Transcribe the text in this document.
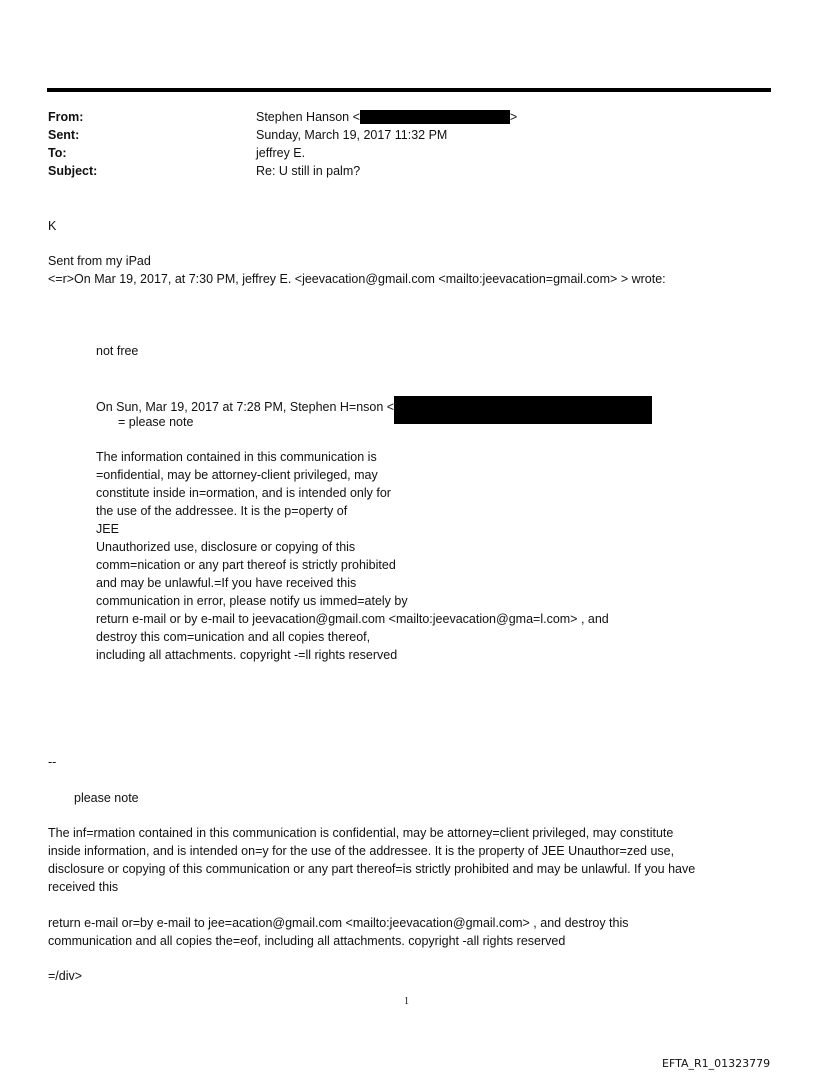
From:	Stephen Hanson <	>
Sent:	Sunday, March 19, 2017 11:32 PM
To:	jeffrey E.
Subject:	Re: U still in palm?
K
Sent from my iPad
<=r>On Mar 19, 2017, at 7:30 PM, jeffrey E. <jeevacation@gmail.com <mailto:jeevacation=gmail.com> > wrote:
not free
On Sun, Mar 19, 2017 at 7:28 PM, Stephen H=nson <
= please note
The information contained in this communication is
=onfidential, may be attorney-client privileged, may
constitute inside in=ormation, and is intended only for
the use of the addressee. It is the p=operty of
JEE
Unauthorized use, disclosure or copying of this
comm=nication or any part thereof is strictly prohibited
and may be unlawful.=If you have received this
communication in error, please notify us immed=ately by
return e-mail or by e-mail to jeevacation@gmail.com <mailto:jeevacation@gma=l.com> , and
destroy this com=unication and all copies thereof,
including all attachments. copyright -=ll rights reserved
--
please note
The inf=rmation contained in this communication is confidential, may be attorney=client privileged, may constitute
inside information, and is intended on=y for the use of the addressee. It is the property of JEE Unauthor=zed use,
disclosure or copying of this communication or any part thereof=is strictly prohibited and may be unlawful. If you have
received this
return e-mail or=by e-mail to jee=acation@gmail.com <mailto:jeevacation@gmail.com> , and destroy this
communication and all copies the=eof, including all attachments. copyright -all rights reserved
=/div>
1
EFTA_R1_01323779
